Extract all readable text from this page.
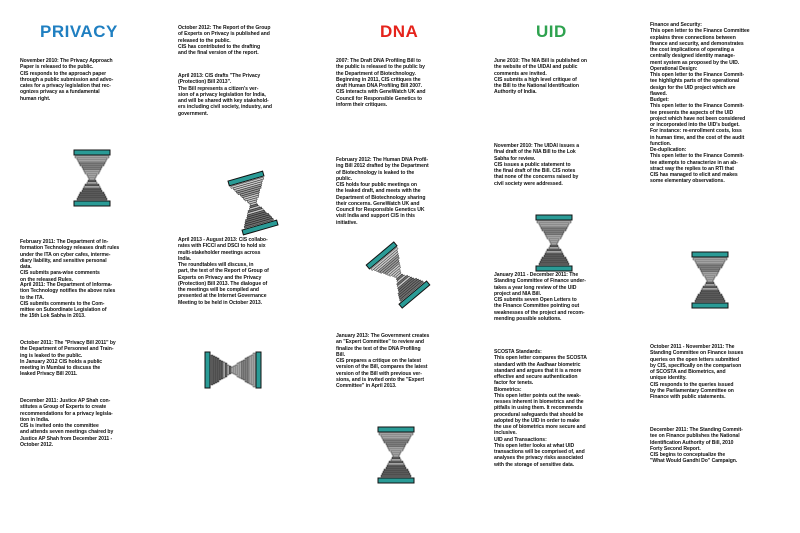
PRIVACY

November 2010: The Privacy Approach
Paper is released to the public.
CIS responds to the approach paper
through a public submission and advo-
cates for a privacy legislation that rec-
ognizes privacy as a fundamental
human right.

February 2011: The Department of In-
formation Technology releases draft rules
under the ITA on cyber cafes, interme-
diary liability, and sensitive personal
data.
CIS submits para-wise comments
on the released Rules.

April 2011: The Department of Informa-
tion Technology notifies the above rules
to the ITA.
CIS submits comments to the Com-
mittee on Subordinate Legislation of
the 15th Lok Sabha in 2013.

October 2011: The "Privacy Bill 2011" by
the Department of Personnel and Train-
ing is leaked to the public.
In January 2012 CIS holds a public
meeting in Mumbai to discuss the
leaked Privacy Bill 2011.

December 2011: Justice AP Shah con-
stitutes a Group of Experts to create
recommendations for a privacy legisla-
tion in India.
CIS is invited onto the committee
and attends seven meetings chaired by
Justice AP Shah from December 2011 -
October 2012.

October 2012: The Report of the Group
of Experts on Privacy is published and
released to the public.
CIS has contributed to the drafting
and the final version of the report.

April 2013: CIS drafts "The Privacy
(Protection) Bill 2013".
The Bill represents a citizen's ver-
sion of a privacy legislation for India,
and will be shared with key stakehold-
ers including civil society, industry, and
government.

April 2013 - August 2013: CIS collabo-
rates with FICCI and DSCI to hold six
multi-stakeholder meetings across
India.
The roundtables will discuss, in
part, the text of the Report of Group of
Experts on Privacy and the Privacy
(Protection) Bill 2013. The dialogue of
the meetings will be compiled and
presented at the Internet Governance
Meeting to be held in October 2013.

DNA

2007: The Draft DNA Profiling Bill to
the public is released to the public by
the Department of Biotechnology.
Beginning in 2011, CIS critiques the
draft Human DNA Profiling Bill 2007.
CIS interacts with GeneWatch UK and
Council for Responsible Genetics to
inform their critiques.

February 2012: The Human DNA Profil-
ing Bill 2012 drafted by the Department
of Biotechnology is leaked to the
public.
CIS holds four public meetings on
the leaked draft, and meets with the
Department of Biotechnology sharing
their concerns. GeneWatch UK and
Council for Responsible Genetics UK
visit India and support CIS in this
initiative.

January 2013: The Government creates
an "Expert Committee" to review and
finalize the text of the DNA Profiling
Bill.
CIS prepares a critique on the latest
version of the Bill, compares the latest
version of the Bill with previous ver-
sions, and is invited onto the "Expert
Committee" in April 2013.

UID

June 2010: The NIA Bill is published on
the website of the UIDAI and public
comments are invited.
CIS submits a high level critique of
the Bill to the National Identification
Authority of India.

November 2010: The UIDAI issues a
final draft of the NIA Bill to the Lok
Sabha for review.
CIS issues a public statement to
the final draft of the Bill. CIS notes
that none of the concerns raised by
civil society were addressed.

January 2011 - December 2011: The
Standing Committee of Finance under-
takes a year long review of the UID
project and NIA Bill.
CIS submits seven Open Letters to
the Finance Committee pointing out
weaknesses of the project and recom-
mending possible solutions.

SCOSTA Standards:
This open letter compares the SCOSTA
standard with the Aadhaar biometric
standard and argues that it is a more
effective and secure authentication
factor for tenets.
Biometrics:
This open letter points out the weak-
nesses inherent in biometrics and the
pitfalls in using them. It recommends
procedural safeguards that should be
adopted by the UID in order to make
the use of biometrics more secure and
inclusive.
UID and Transactions:
This open letter looks at what UID
transactions will be comprised of, and
analyses the privacy risks associated
with the storage of sensitive data.

Finance and Security:
This open letter to the Finance Committee
explains three connections between
finance and security, and demonstrates
the cost implications of operating a
centrally designed identity manage-
ment system as proposed by the UID.
Operational Design:
This open letter to the Finance Commit-
tee highlights parts of the operational
design for the UID project which are
flawed.
Budget:
This open letter to the Finance Commit-
tee presents the aspects of the UID
project which have not been considered
or incorporated into the UID's budget.
For instance: re-enrollment costs, loss
in human time, and the cost of the audit
function.
De-duplication:
This open letter to the Finance Commit-
tee attempts to characterize in an ab-
stract way the replies to an RTI that
CIS has managed to elicit and makes
some elementary observations.

October 2011 - November 2011: The
Standing Committee on Finance issues
queries on the open letters submitted
by CIS, specifically on the comparison
of SCOSTA and Biometrics, and
unique identity.
CIS responds to the queries issued
by the Parliamentary Committee on
Finance with public statements.

December 2011: The Standing Commit-
tee on Finance publishes the National
Identification Authority of Bill, 2010
Forty Second Report.
CIS begins to conceptualize the
"What Would Gandhi Do" Campaign.
